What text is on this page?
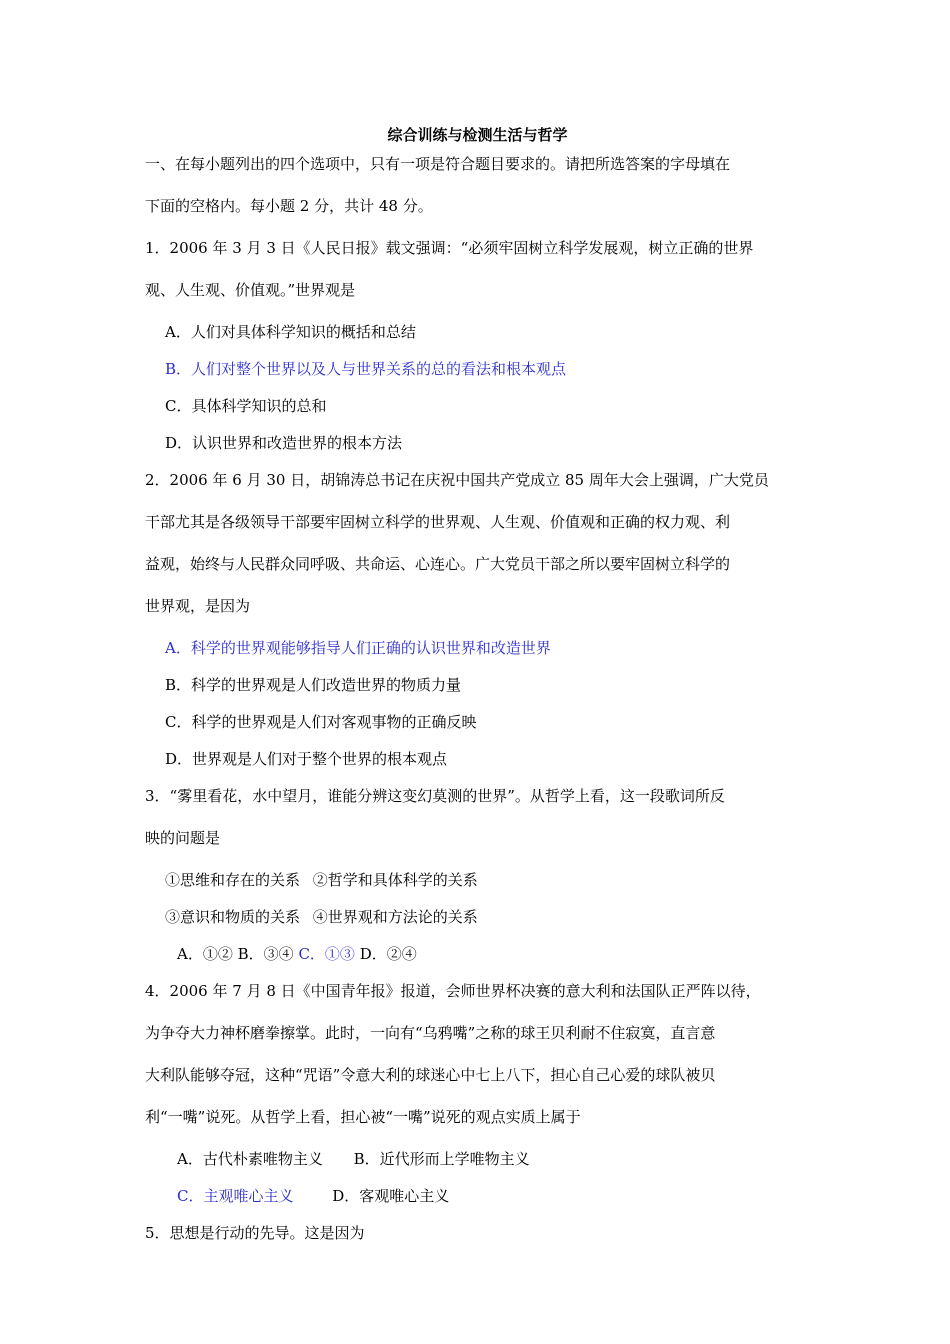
综合训练与检测生活与哲学
一、在每小题列出的四个选项中，只有一项是符合题目要求的。请把所选答案的字母填在
下面的空格内。每小题 2 分，共计 48 分。
1．2006 年 3 月 3 日《人民日报》载文强调：“必须牢固树立科学发展观，树立正确的世界
观、人生观、价值观。”世界观是
A．人们对具体科学知识的概括和总结
B．人们对整个世界以及人与世界关系的总的看法和根本观点
C．具体科学知识的总和
D．认识世界和改造世界的根本方法
2．2006 年 6 月 30 日，胡锦涛总书记在庆祝中国共产党成立 85 周年大会上强调，广大党员
干部尤其是各级领导干部要牢固树立科学的世界观、人生观、价值观和正确的权力观、利
益观，始终与人民群众同呼吸、共命运、心连心。广大党员干部之所以要牢固树立科学的
世界观，是因为
A．科学的世界观能够指导人们正确的认识世界和改造世界
B．科学的世界观是人们改造世界的物质力量
C．科学的世界观是人们对客观事物的正确反映
D．世界观是人们对于整个世界的根本观点
3．“雾里看花，水中望月，谁能分辨这变幻莫测的世界”。从哲学上看，这一段歌词所反
映的问题是
①思维和存在的关系 ②哲学和具体科学的关系
③意识和物质的关系 ④世界观和方法论的关系
A．①② B．③④ C．①③ D．②④
4．2006 年 7 月 8 日《中国青年报》报道，会师世界杯决赛的意大利和法国队正严阵以待，
为争夺大力神杯磨拳擦掌。此时，一向有“乌鸦嘴”之称的球王贝利耐不住寂寞，直言意
大利队能够夺冠，这种“咒语”令意大利的球迷心中七上八下，担心自己心爱的球队被贝
利“一嘴”说死。从哲学上看，担心被“一嘴”说死的观点实质上属于
A．古代朴素唯物主义 B．近代形而上学唯物主义
C．主观唯心主义	D．客观唯心主义
5．思想是行动的先导。这是因为
